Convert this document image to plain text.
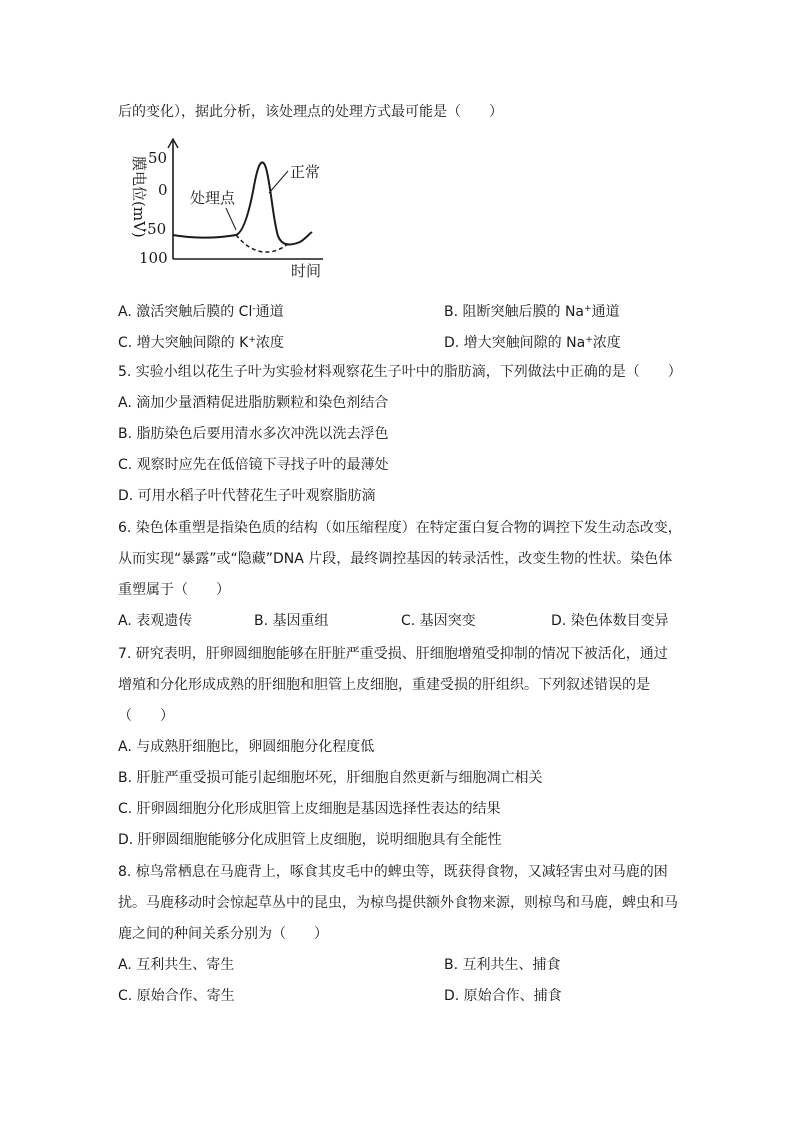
后的变化），据此分析，该处理点的处理方式最可能是（　　）
膜电位(mV) 50
0
-50
100
时间
正常
处理点
A. 激活突触后膜的 Cl-通道	B. 阻断突触后膜的 Na+通道
C. 增大突触间隙的 K+浓度	D. 增大突触间隙的 Na+浓度
5. 实验小组以花生子叶为实验材料观察花生子叶中的脂肪滴，下列做法中正确的是（　　）
A. 滴加少量酒精促进脂肪颗粒和染色剂结合
B. 脂肪染色后要用清水多次冲洗以洗去浮色
C. 观察时应先在低倍镜下寻找子叶的最薄处
D. 可用水稻子叶代替花生子叶观察脂肪滴
6. 染色体重塑是指染色质的结构（如压缩程度）在特定蛋白复合物的调控下发生动态改变，
从而实现“暴露”或“隐藏”DNA 片段，最终调控基因的转录活性，改变生物的性状。染色体
重塑属于（　　）
A. 表观遗传	B. 基因重组	C. 基因突变	D. 染色体数目变异
7. 研究表明，肝卵圆细胞能够在肝脏严重受损、肝细胞增殖受抑制的情况下被活化，通过
增殖和分化形成成熟的肝细胞和胆管上皮细胞，重建受损的肝组织。下列叙述错误的是
（　　）
A. 与成熟肝细胞比，卵圆细胞分化程度低
B. 肝脏严重受损可能引起细胞坏死，肝细胞自然更新与细胞凋亡相关
C. 肝卵圆细胞分化形成胆管上皮细胞是基因选择性表达的结果
D. 肝卵圆细胞能够分化成胆管上皮细胞，说明细胞具有全能性
8. 椋鸟常栖息在马鹿背上，啄食其皮毛中的蜱虫等，既获得食物，又减轻害虫对马鹿的困
扰。马鹿移动时会惊起草丛中的昆虫，为椋鸟提供额外食物来源，则椋鸟和马鹿，蜱虫和马
鹿之间的种间关系分别为（　　）
A. 互利共生、寄生	B. 互利共生、捕食
C. 原始合作、寄生	D. 原始合作、捕食
